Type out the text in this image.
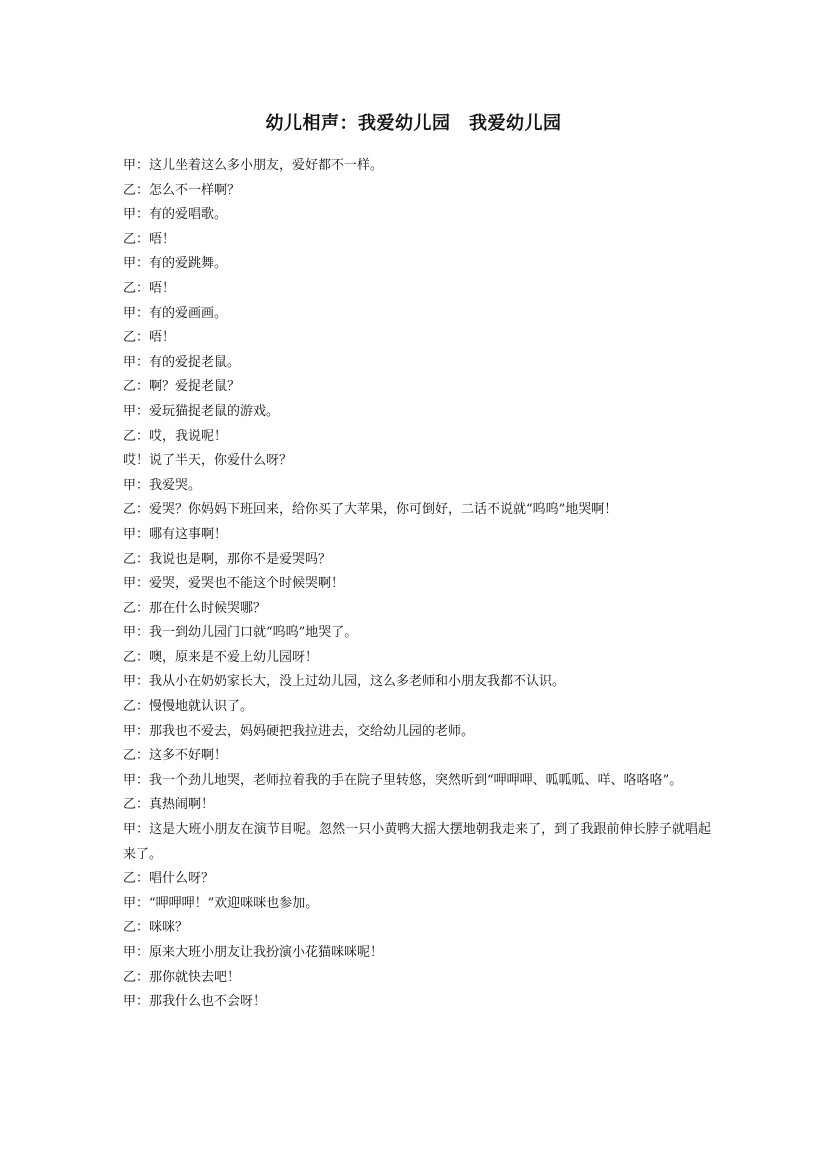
幼儿相声：我爱幼儿园　我爱幼儿园
甲：这儿坐着这么多小朋友，爱好都不一样。
乙：怎么不一样啊？
甲：有的爱唱歌。
乙：唔！
甲：有的爱跳舞。
乙：唔！
甲：有的爱画画。
乙：唔！
甲：有的爱捉老鼠。
乙：啊？爱捉老鼠？
甲：爱玩猫捉老鼠的游戏。
乙：哎，我说呢！
哎！说了半天，你爱什么呀？
甲：我爱哭。
乙：爱哭？你妈妈下班回来，给你买了大苹果，你可倒好，二话不说就“呜呜”地哭啊！
甲：哪有这事啊！
乙：我说也是啊，那你不是爱哭吗？
甲：爱哭，爱哭也不能这个时候哭啊！
乙：那在什么时候哭哪？
甲：我一到幼儿园门口就“呜呜”地哭了。
乙：噢，原来是不爱上幼儿园呀！
甲：我从小在奶奶家长大，没上过幼儿园，这么多老师和小朋友我都不认识。
乙：慢慢地就认识了。
甲：那我也不爱去，妈妈硬把我拉进去，交给幼儿园的老师。
乙：这多不好啊！
甲：我一个劲儿地哭，老师拉着我的手在院子里转悠，突然听到“呷呷呷、呱呱呱、咩、咯咯咯”。
乙：真热闹啊！
甲：这是大班小朋友在演节目呢。忽然一只小黄鸭大摇大摆地朝我走来了，到了我跟前伸长脖子就唱起来了。
乙：唱什么呀？
甲：“呷呷呷！”欢迎咪咪也参加。
乙：咪咪？
甲：原来大班小朋友让我扮演小花猫咪咪呢！
乙：那你就快去吧！
甲：那我什么也不会呀！
